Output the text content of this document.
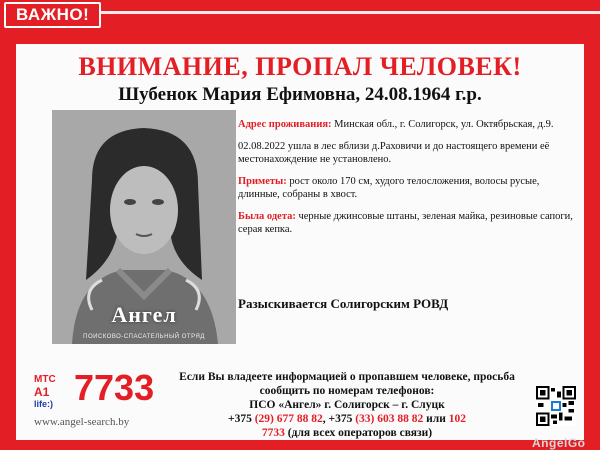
ВАЖНО!
ВНИМАНИЕ, ПРОПАЛ ЧЕЛОВЕК!
Шубенок Мария Ефимовна, 24.08.1964 г.р.
Ангел
ПОИСКОВО-СПАСАТЕЛЬНЫЙ ОТРЯД

Адрес проживания: Минская обл., г. Солигорск, ул. Октябрьская, д.9.

02.08.2022 ушла в лес вблизи д.Раховичи и до настоящего времени её местонахождение не установлено.

Приметы: рост около 170 см, худого телосложения, волосы русые, длинные, собраны в хвост.

Была одета: черные джинсовые штаны, зеленая майка, резиновые сапоги, серая кепка.

Разыскивается Солигорским РОВД
МТС
A1
life:) 7733
www.angel-search.by
Если Вы владеете информацией о пропавшем человеке, просьба
сообщить по номерам телефонов:
ПСО «Ангел» г. Солигорск – г. Слуцк
+375 (29) 677 88 82, +375 (33) 603 88 82 или 102
7733 (для всех операторов связи)
AngelGo
